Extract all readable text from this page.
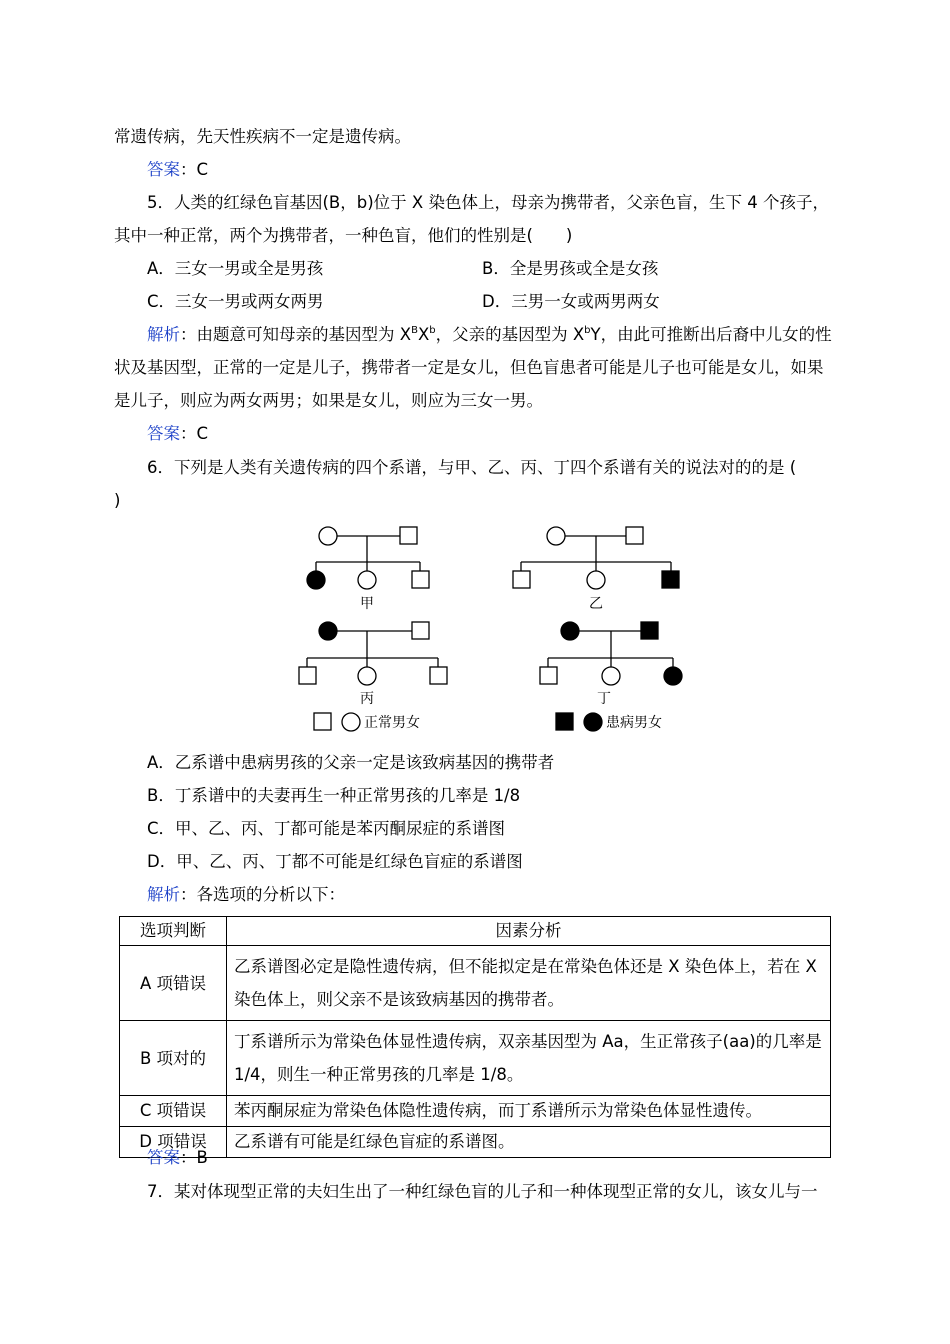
常遗传病，先天性疾病不一定是遗传病。
答案：C
5．人类的红绿色盲基因(B，b)位于 X 染色体上，母亲为携带者，父亲色盲，生下 4 个孩子，
其中一种正常，两个为携带者，一种色盲，他们的性别是(　　)
A．三女一男或全是男孩	B．全是男孩或全是女孩
C．三女一男或两女两男	D．三男一女或两男两女
解析：由题意可知母亲的基因型为 $X^BX^b$，父亲的基因型为 $X^bY$，由此可推断出后裔中儿女的性
状及基因型，正常的一定是儿子，携带者一定是女儿，但色盲患者可能是儿子也可能是女儿，如果
是儿子，则应为两女两男；如果是女儿，则应为三女一男。
答案：C
6．下列是人类有关遗传病的四个系谱，与甲、乙、丙、丁四个系谱有关的说法对的的是 (
)
甲	乙
丙	丁
正常男女	患病男女
A．乙系谱中患病男孩的父亲一定是该致病基因的携带者
B．丁系谱中的夫妻再生一种正常男孩的几率是 1/8
C．甲、乙、丙、丁都可能是苯丙酮尿症的系谱图
D．甲、乙、丙、丁都不可能是红绿色盲症的系谱图
解析：各选项的分析以下：
选项判断	因素分析
A 项错误	乙系谱图必定是隐性遗传病，但不能拟定是在常染色体还是 X 染色体上，若在 X 染色体上，则父亲不是该致病基因的携带者。
B 项对的	丁系谱所示为常染色体显性遗传病，双亲基因型为 Aa，生正常孩子(aa)的几率是 1/4，则生一种正常男孩的几率是 1/8。
C 项错误	苯丙酮尿症为常染色体隐性遗传病，而丁系谱所示为常染色体显性遗传。
D 项错误	乙系谱有可能是红绿色盲症的系谱图。
答案：B
7．某对体现型正常的夫妇生出了一种红绿色盲的儿子和一种体现型正常的女儿，该女儿与一
